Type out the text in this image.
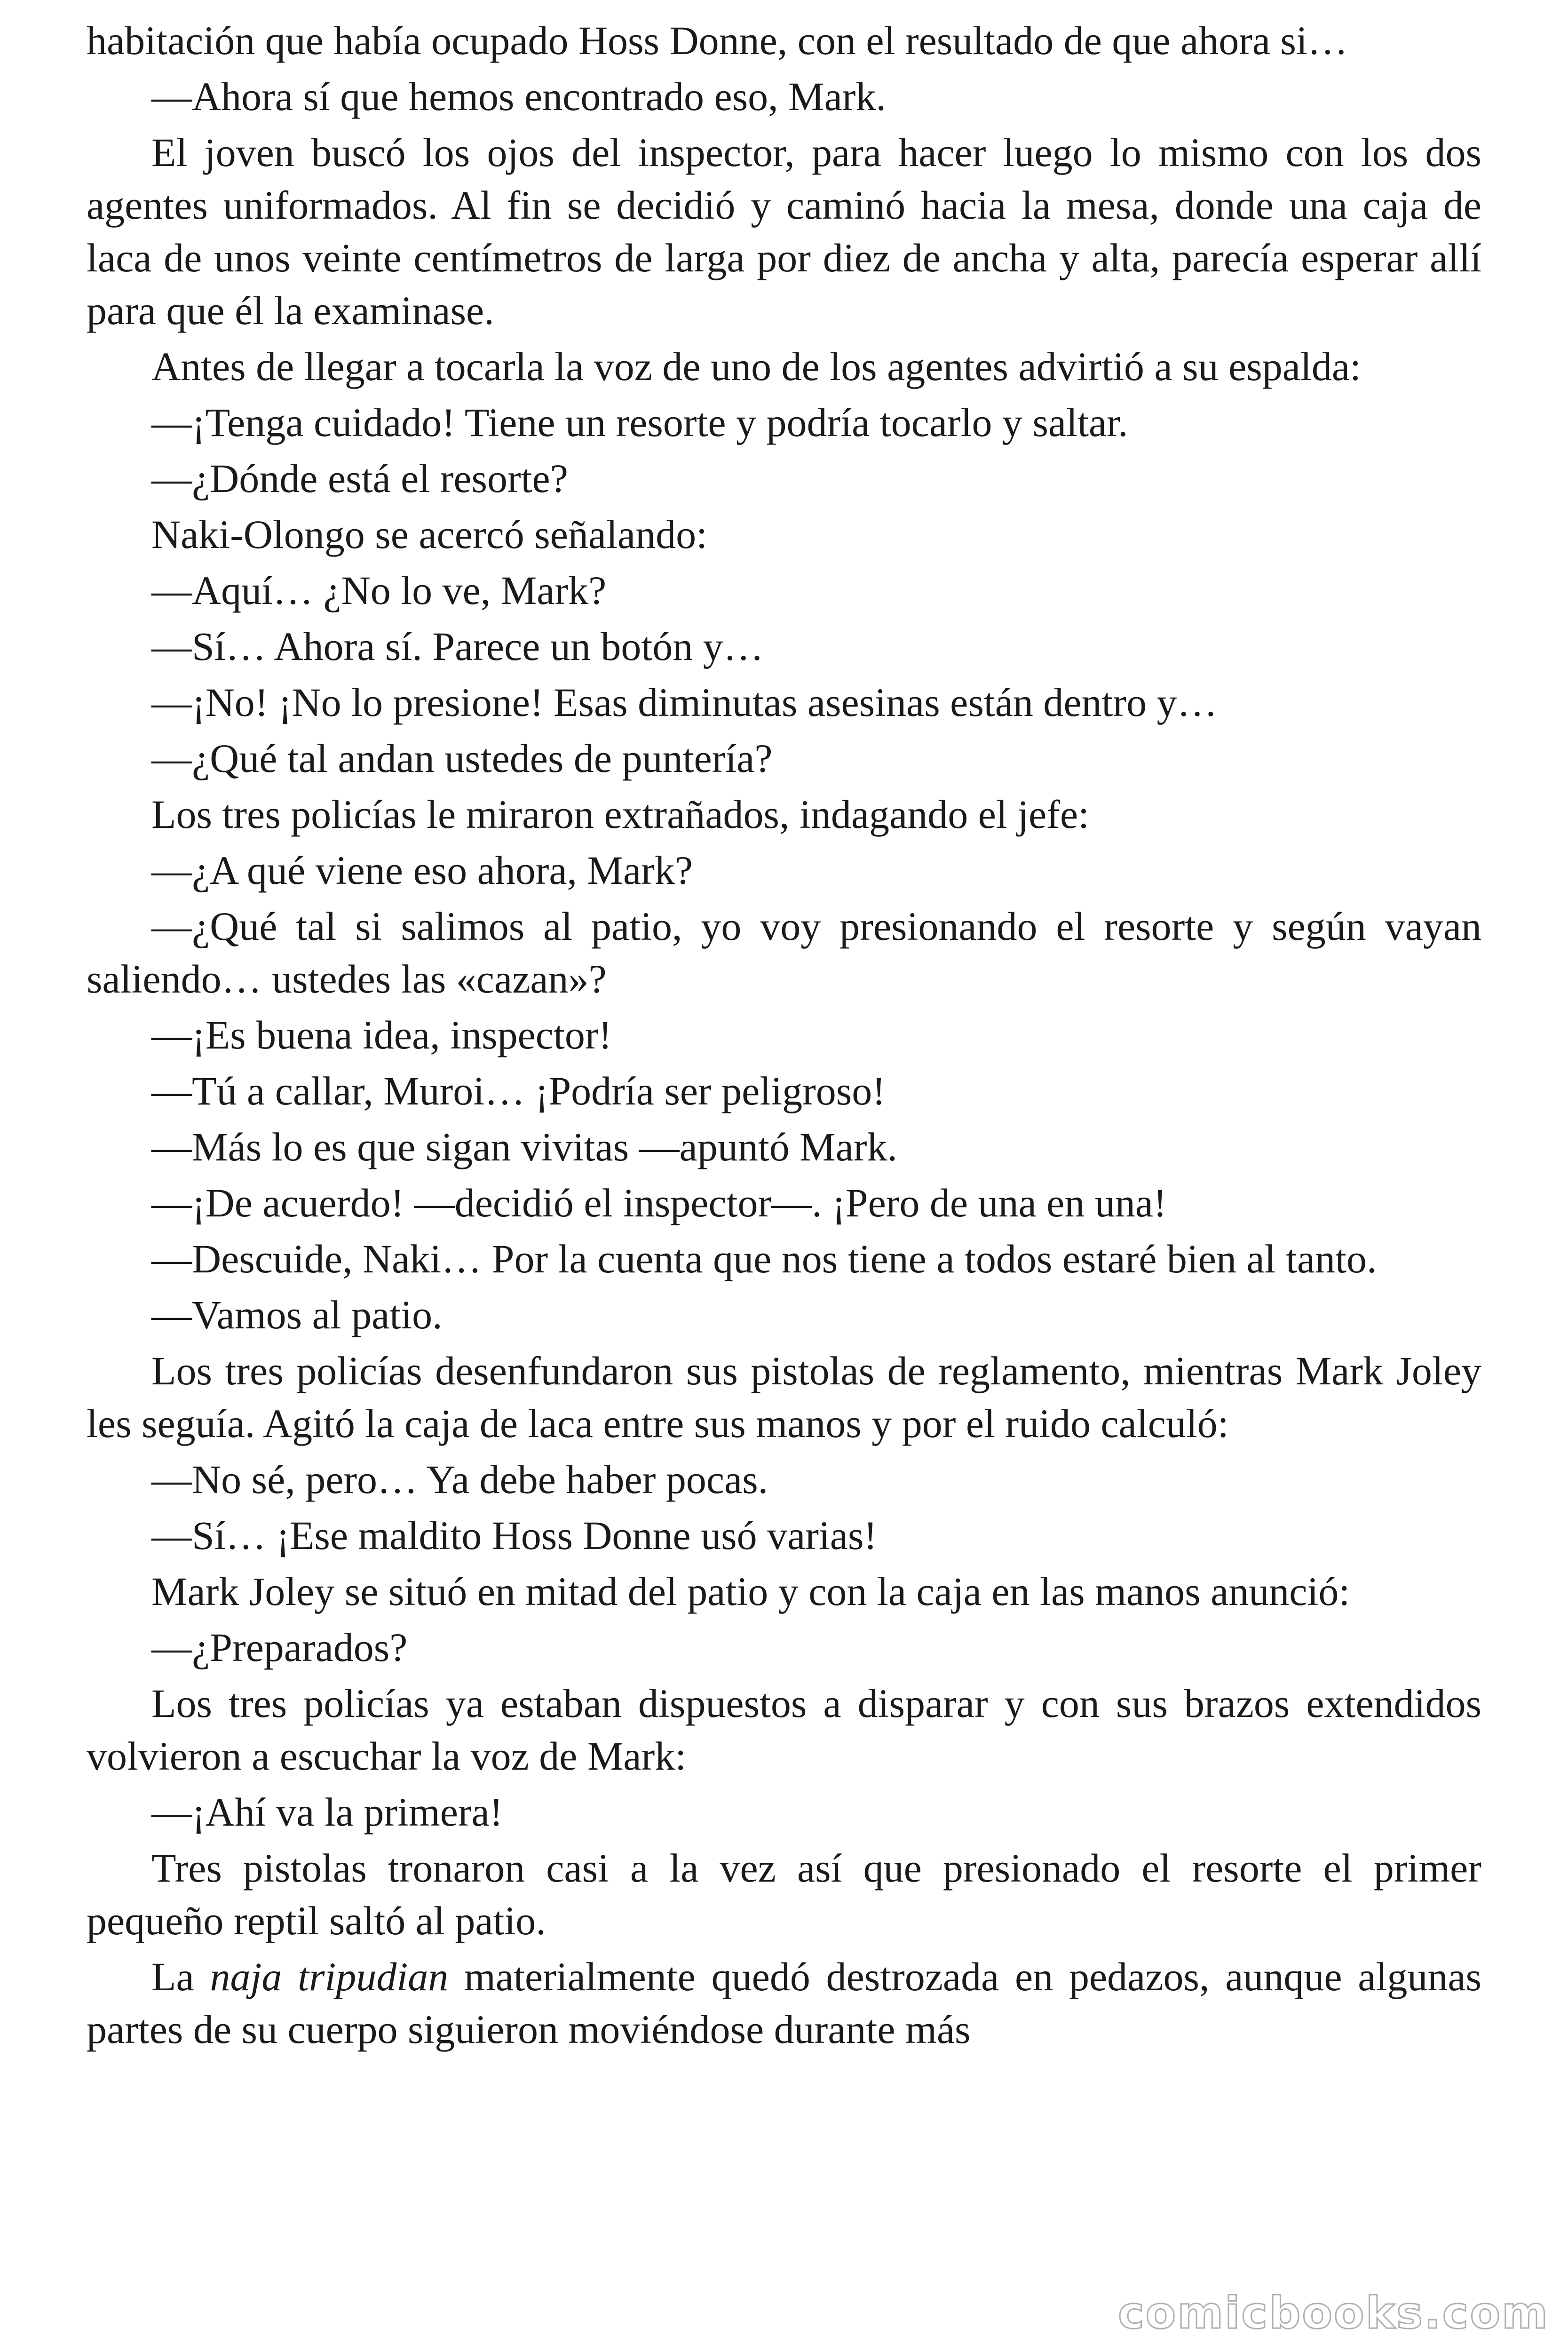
habitación que había ocupado Hoss Donne, con el resultado de que ahora si…

—Ahora sí que hemos encontrado eso, Mark.

El joven buscó los ojos del inspector, para hacer luego lo mismo con los dos agentes uniformados. Al fin se decidió y caminó hacia la mesa, donde una caja de laca de unos veinte centímetros de larga por diez de ancha y alta, parecía esperar allí para que él la examinase.

Antes de llegar a tocarla la voz de uno de los agentes advirtió a su espalda:

—¡Tenga cuidado! Tiene un resorte y podría tocarlo y saltar.

—¿Dónde está el resorte?

Naki-Olongo se acercó señalando:

—Aquí… ¿No lo ve, Mark?

—Sí… Ahora sí. Parece un botón y…

—¡No! ¡No lo presione! Esas diminutas asesinas están dentro y…

—¿Qué tal andan ustedes de puntería?

Los tres policías le miraron extrañados, indagando el jefe:

—¿A qué viene eso ahora, Mark?

—¿Qué tal si salimos al patio, yo voy presionando el resorte y según vayan saliendo… ustedes las «cazan»?

—¡Es buena idea, inspector!

—Tú a callar, Muroi… ¡Podría ser peligroso!

—Más lo es que sigan vivitas —apuntó Mark.

—¡De acuerdo! —decidió el inspector—. ¡Pero de una en una!

—Descuide, Naki… Por la cuenta que nos tiene a todos estaré bien al tanto.

—Vamos al patio.

Los tres policías desenfundaron sus pistolas de reglamento, mientras Mark Joley les seguía. Agitó la caja de laca entre sus manos y por el ruido calculó:

—No sé, pero… Ya debe haber pocas.

—Sí… ¡Ese maldito Hoss Donne usó varias!

Mark Joley se situó en mitad del patio y con la caja en las manos anunció:

—¿Preparados?

Los tres policías ya estaban dispuestos a disparar y con sus brazos extendidos volvieron a escuchar la voz de Mark:

—¡Ahí va la primera!

Tres pistolas tronaron casi a la vez así que presionado el resorte el primer pequeño reptil saltó al patio.

La naja tripudian materialmente quedó destrozada en pedazos, aunque algunas partes de su cuerpo siguieron moviéndose durante más

comicbooks.com
